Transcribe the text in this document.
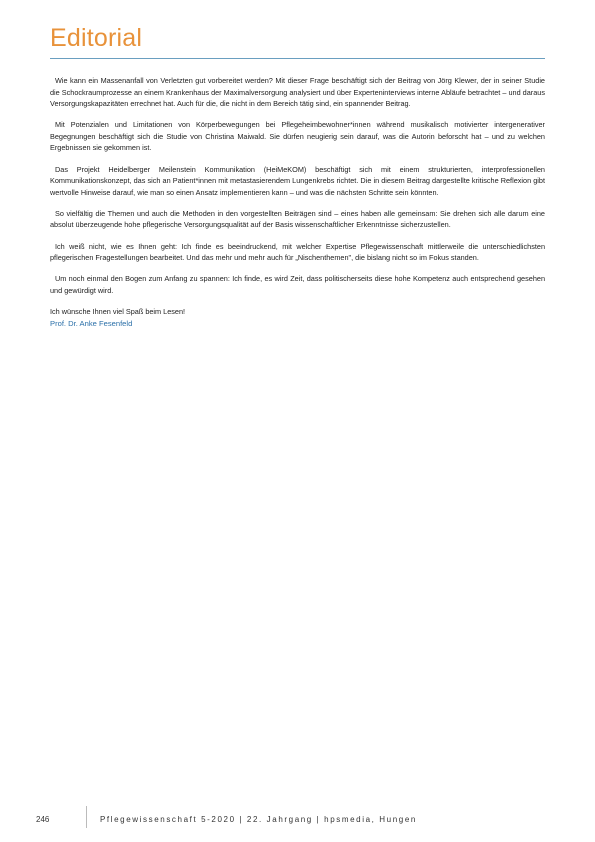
Editorial

Wie kann ein Massenanfall von Verletzten gut vorbereitet werden? Mit dieser Frage beschäftigt sich der Beitrag von Jörg Klewer, der in seiner Studie die Schockraumprozesse an einem Krankenhaus der Maximalversorgung analysiert und über Experteninterviews interne Abläufe betrachtet – und daraus Versorgungskapazitäten errechnet hat. Auch für die, die nicht in dem Bereich tätig sind, ein spannender Beitrag.

Mit Potenzialen und Limitationen von Körperbewegungen bei Pflegeheimbewohner*innen während musikalisch motivierter intergenerativer Begegnungen beschäftigt sich die Studie von Christina Maiwald. Sie dürfen neugierig sein darauf, was die Autorin beforscht hat – und zu welchen Ergebnissen sie gekommen ist.

Das Projekt Heidelberger Meilenstein Kommunikation (HeiMeKOM) beschäftigt sich mit einem strukturierten, interprofessionellen Kommunikationskonzept, das sich an Patient*innen mit metastasierendem Lungenkrebs richtet. Die in diesem Beitrag dargestellte kritische Reflexion gibt wertvolle Hinweise darauf, wie man so einen Ansatz implementieren kann – und was die nächsten Schritte sein könnten.

So vielfältig die Themen und auch die Methoden in den vorgestellten Beiträgen sind – eines haben alle gemeinsam: Sie drehen sich alle darum eine absolut überzeugende hohe pflegerische Versorgungsqualität auf der Basis wissenschaftlicher Erkenntnisse sicherzustellen.

Ich weiß nicht, wie es Ihnen geht: Ich finde es beeindruckend, mit welcher Expertise Pflegewissenschaft mittlerweile die unterschiedlichsten pflegerischen Fragestellungen bearbeitet. Und das mehr und mehr auch für „Nischenthemen", die bislang nicht so im Fokus standen.

Um noch einmal den Bogen zum Anfang zu spannen: Ich finde, es wird Zeit, dass politischerseits diese hohe Kompetenz auch entsprechend gesehen und gewürdigt wird.

Ich wünsche Ihnen viel Spaß beim Lesen!

Prof. Dr. Anke Fesenfeld
246	Pflegewissenschaft 5-2020 | 22. Jahrgang | hpsmedia, Hungen
